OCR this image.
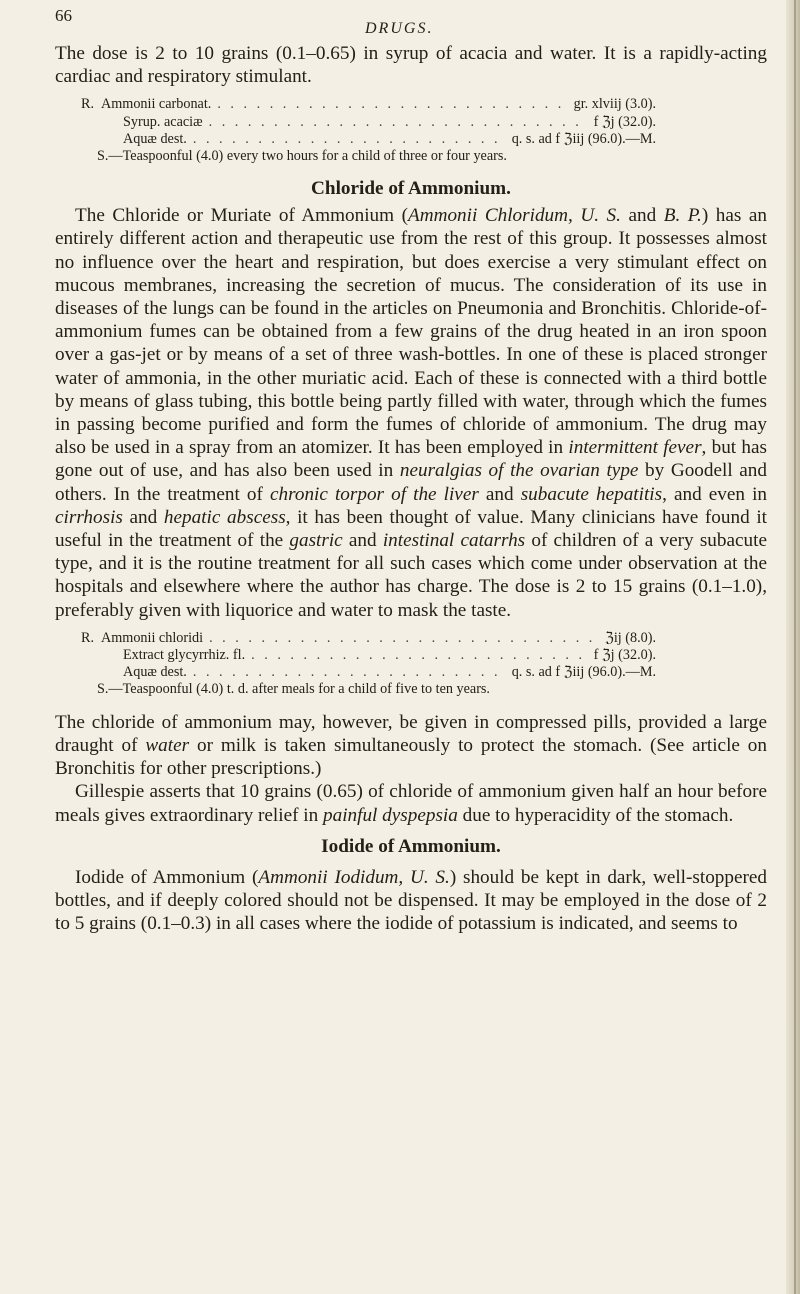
66
DRUGS.

The dose is 2 to 10 grains (0.1–0.65) in syrup of acacia and water. It is a rapidly-acting cardiac and respiratory stimulant.

R. Ammonii carbonat. . . .	gr. xlviij (3.0).
Syrup. acaciæ . . .	f ℨj (32.0).
Aquæ dest. . . .	q. s. ad f ℨiij (96.0).—M.
S.—Teaspoonful (4.0) every two hours for a child of three or four years.
Chloride of Ammonium.

The Chloride or Muriate of Ammonium (Ammonii Chloridum, U. S. and B. P.) has an entirely different action and therapeutic use from the rest of this group. It possesses almost no influence over the heart and respiration, but does exercise a very stimulant effect on mucous membranes, increasing the secretion of mucus. The consideration of its use in diseases of the lungs can be found in the articles on Pneumonia and Bronchitis. Chloride-of-ammonium fumes can be obtained from a few grains of the drug heated in an iron spoon over a gas-jet or by means of a set of three wash-bottles. In one of these is placed stronger water of ammonia, in the other muriatic acid. Each of these is connected with a third bottle by means of glass tubing, this bottle being partly filled with water, through which the fumes in passing become purified and form the fumes of chloride of ammonium. The drug may also be used in a spray from an atomizer. It has been employed in intermittent fever, but has gone out of use, and has also been used in neuralgias of the ovarian type by Goodell and others. In the treatment of chronic torpor of the liver and subacute hepatitis, and even in cirrhosis and hepatic abscess, it has been thought of value. Many clinicians have found it useful in the treatment of the gastric and intestinal catarrhs of children of a very subacute type, and it is the routine treatment for all such cases which come under observation at the hospitals and elsewhere where the author has charge. The dose is 2 to 15 grains (0.1–1.0), preferably given with liquorice and water to mask the taste.

R. Ammonii chloridi . . .	ℨij (8.0).
Extract glycyrrhiz. fl. . . .	f ℨj (32.0).
Aquæ dest. . . .	q. s. ad f ℨiij (96.0).—M.
S.—Teaspoonful (4.0) t. d. after meals for a child of five to ten years.

The chloride of ammonium may, however, be given in compressed pills, provided a large draught of water or milk is taken simultaneously to protect the stomach. (See article on Bronchitis for other prescriptions.)

Gillespie asserts that 10 grains (0.65) of chloride of ammonium given half an hour before meals gives extraordinary relief in painful dyspepsia due to hyperacidity of the stomach.

Iodide of Ammonium.

Iodide of Ammonium (Ammonii Iodidum, U. S.) should be kept in dark, well-stoppered bottles, and if deeply colored should not be dispensed. It may be employed in the dose of 2 to 5 grains (0.1–0.3) in all cases where the iodide of potassium is indicated, and seems to
